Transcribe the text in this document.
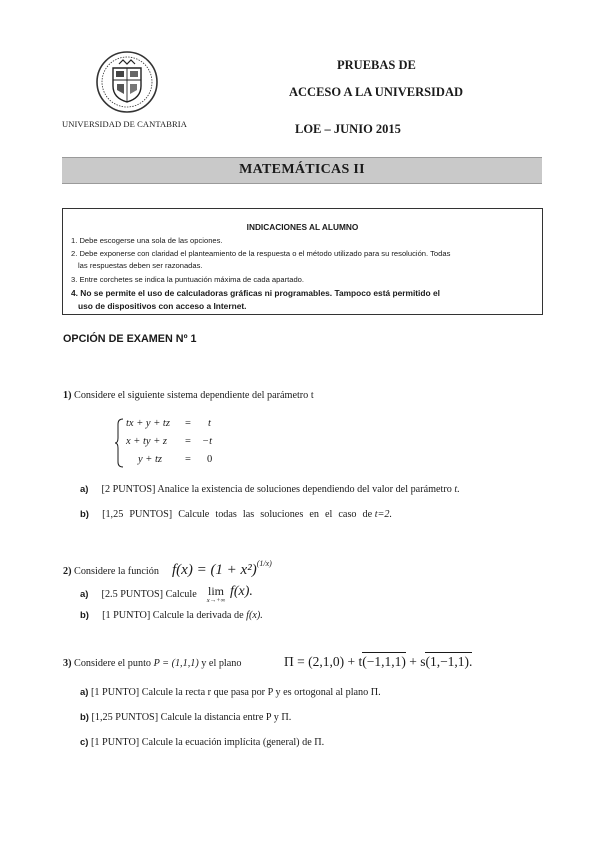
UNIVERSIDAD DE CANTABRIA
PRUEBAS DE
ACCESO A LA UNIVERSIDAD
LOE – JUNIO 2015
MATEMÁTICAS II
INDICACIONES AL ALUMNO
1. Debe escogerse una sola de las opciones.
2. Debe exponerse con claridad el planteamiento de la respuesta o el método utilizado para su resolución. Todas
las respuestas deben ser razonadas.
3. Entre corchetes se indica la puntuación máxima de cada apartado.
4. No se permite el uso de calculadoras gráficas ni programables. Tampoco está permitido el
uso de dispositivos con acceso a Internet.
OPCIÓN DE EXAMEN Nº 1
1) Considere el siguiente sistema dependiente del parámetro t
tx + y + tz = t
x + ty + z = −t
y + tz = 0
a) [2 PUNTOS] Analice la existencia de soluciones dependiendo del valor del parámetro t.
b) [1,25 PUNTOS] Calcule todas las soluciones en el caso de t=2.
2) Considere la función $f(x) = (1 + x^2)^{(1/x)}$
a) [2.5 PUNTOS] Calcule lim
x→+∞
f(x).
b) [1 PUNTO] Calcule la derivada de f(x).
3) Considere el punto P = (1,1,1) y el plano	Π = (2,1,0) + t(−1,1,1) + s(1,−1,1).
a) [1 PUNTO] Calcule la recta r que pasa por P y es ortogonal al plano Π.
b) [1,25 PUNTOS] Calcule la distancia entre P y Π.
c) [1 PUNTO] Calcule la ecuación implícita (general) de Π.
